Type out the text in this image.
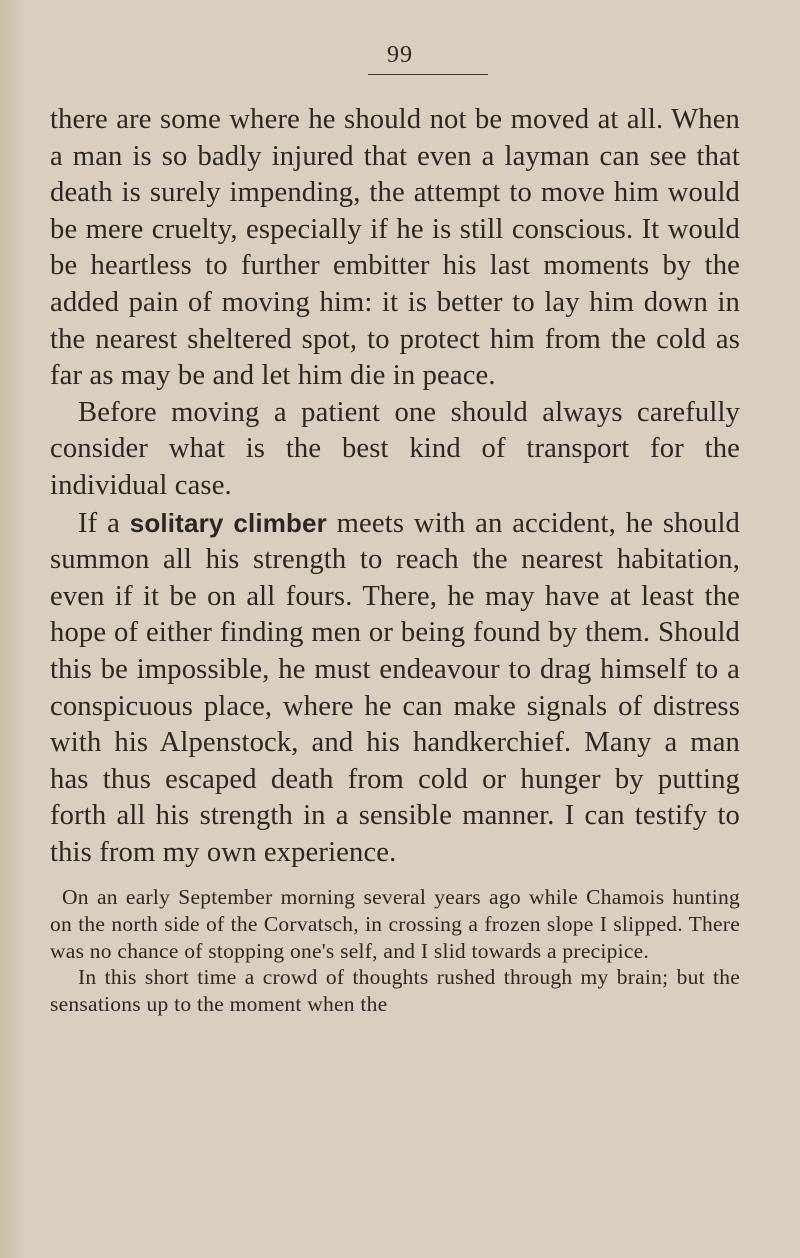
99

there are some where he should not be moved at all. When a man is so badly injured that even a layman can see that death is surely impending, the attempt to move him would be mere cruelty, especially if he is still conscious. It would be heartless to further embitter his last moments by the added pain of moving him: it is better to lay him down in the nearest sheltered spot, to protect him from the cold as far as may be and let him die in peace.

Before moving a patient one should always carefully consider what is the best kind of transport for the individual case.

If a solitary climber meets with an accident, he should summon all his strength to reach the nearest habitation, even if it be on all fours. There, he may have at least the hope of either finding men or being found by them. Should this be impossible, he must endeavour to drag himself to a conspicuous place, where he can make signals of distress with his Alpenstock, and his handkerchief. Many a man has thus escaped death from cold or hunger by putting forth all his strength in a sensible manner. I can testify to this from my own experience.

On an early September morning several years ago while Chamois hunting on the north side of the Corvatsch, in crossing a frozen slope I slipped. There was no chance of stopping one's self, and I slid towards a precipice.

In this short time a crowd of thoughts rushed through my brain; but the sensations up to the moment when the
